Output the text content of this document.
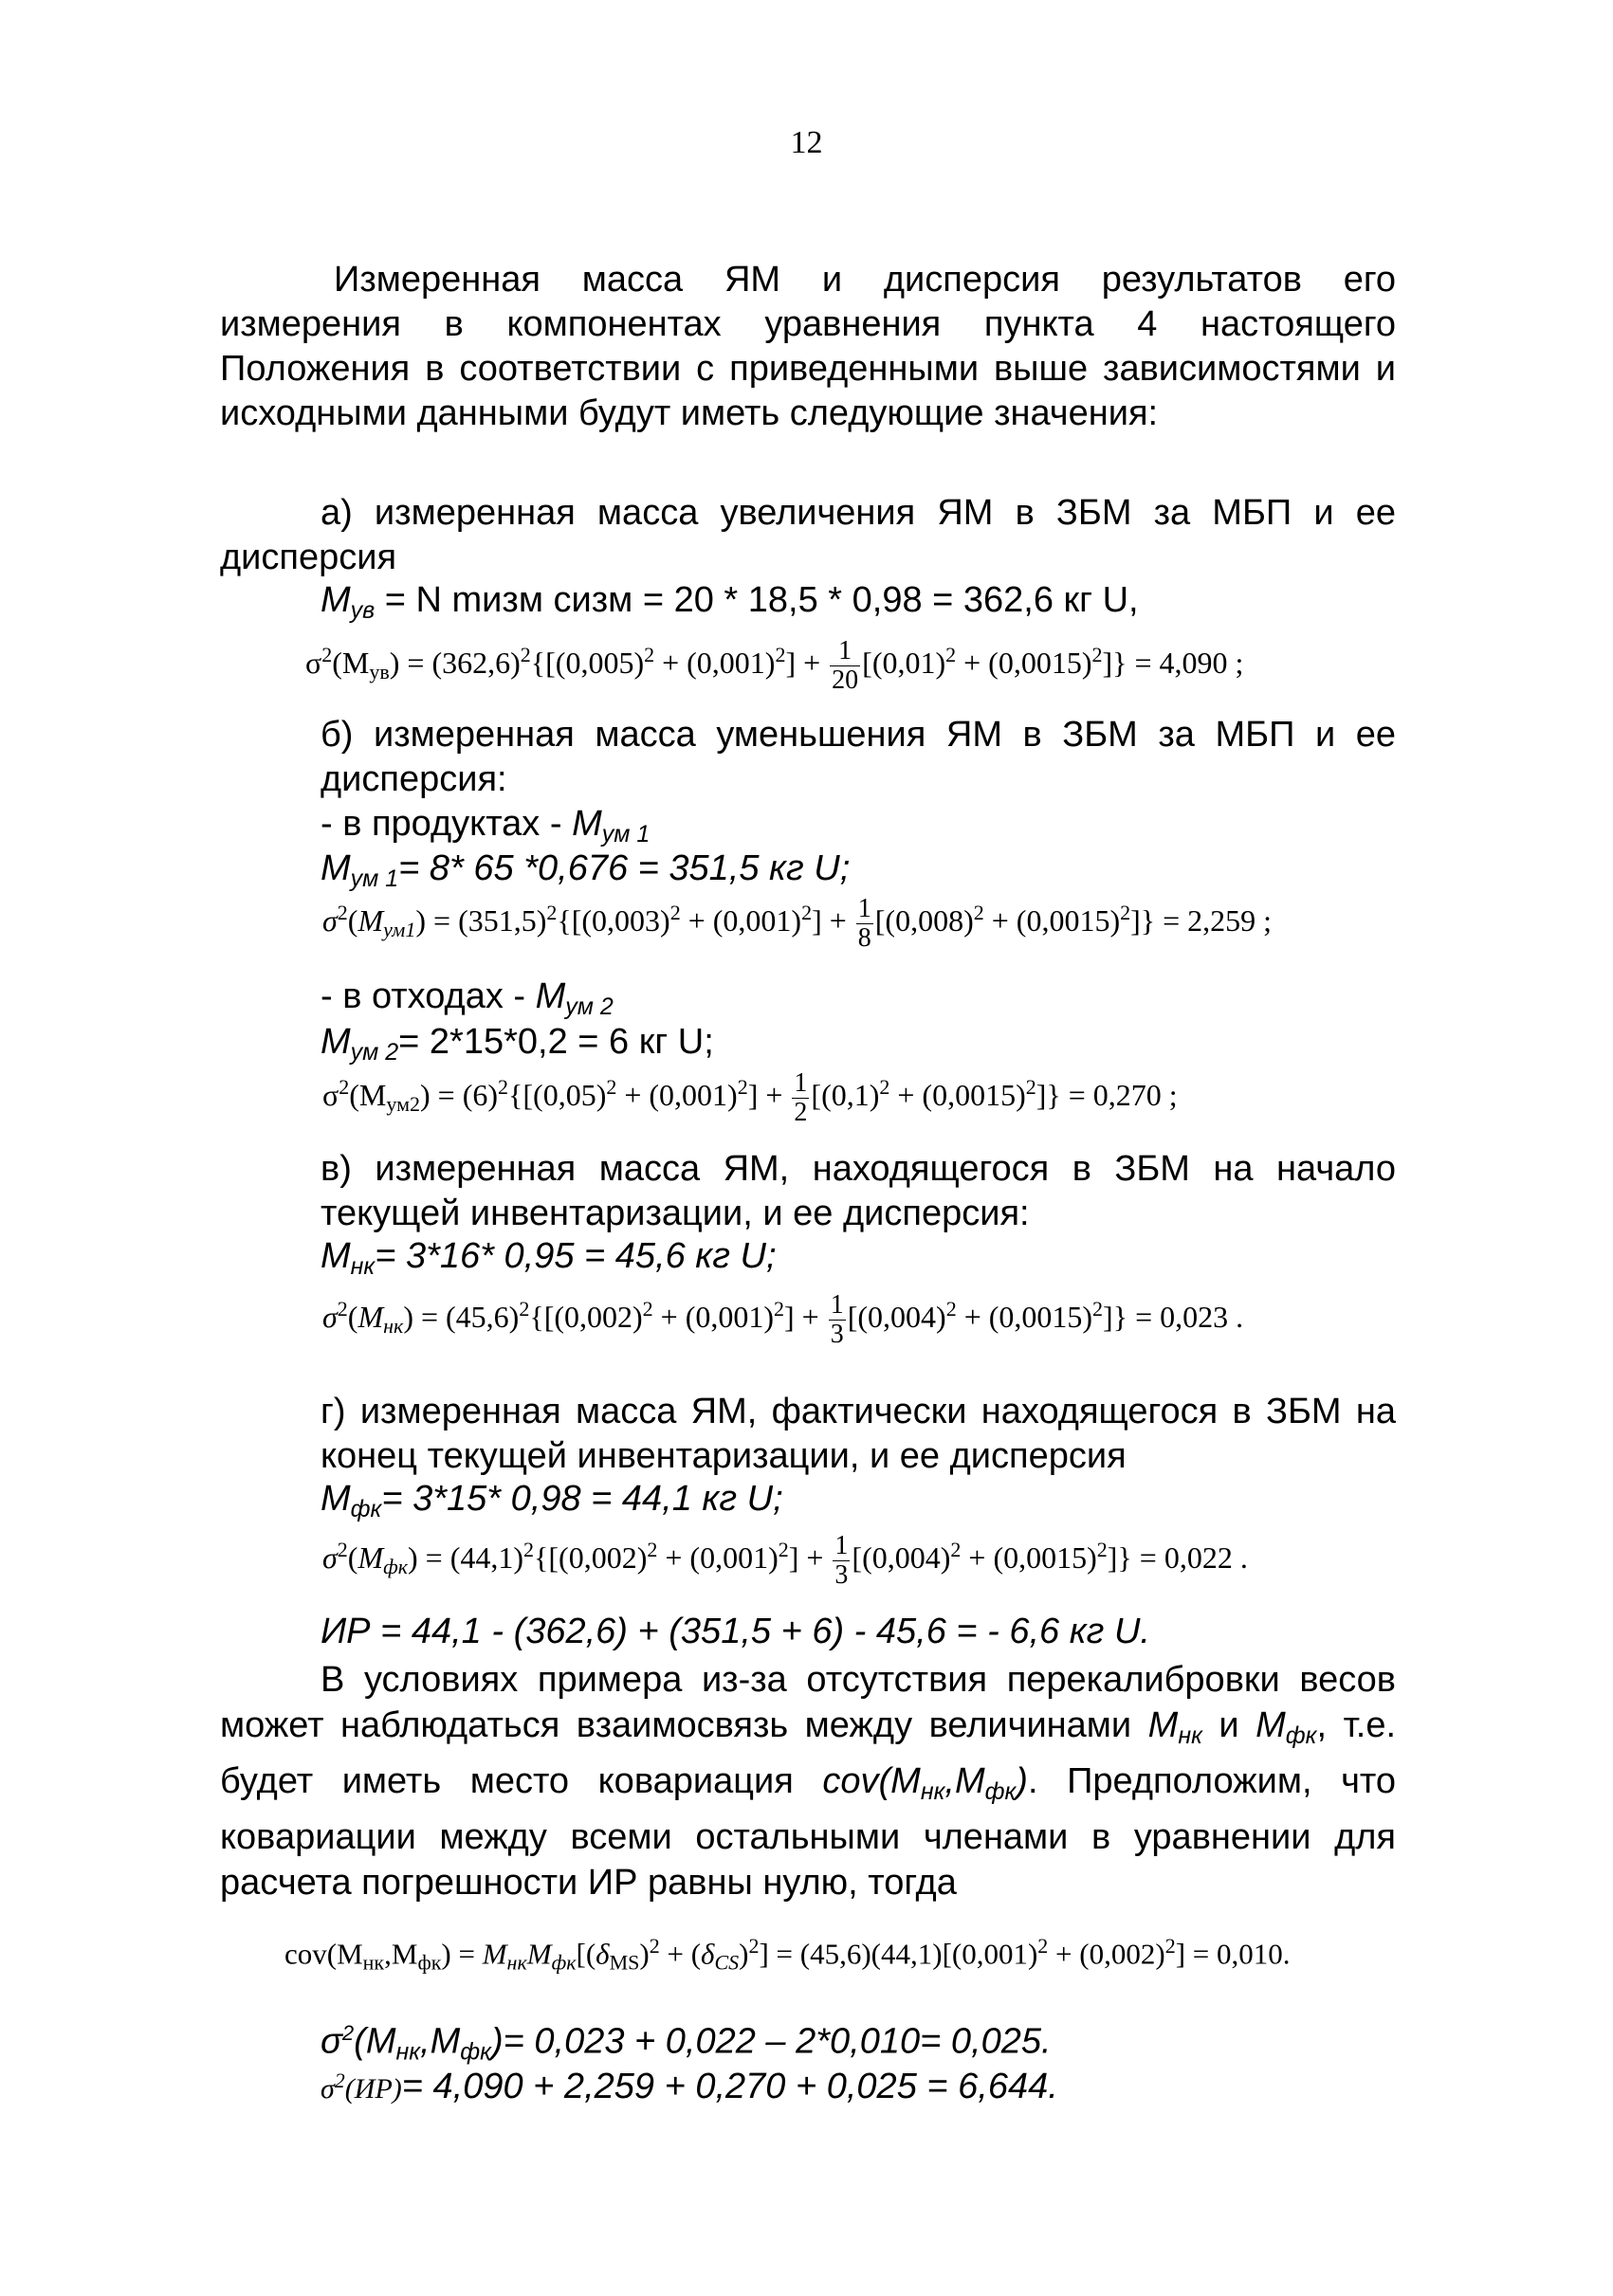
12
Измеренная масса ЯМ и дисперсия результатов его измерения в компонентах уравнения пункта 4 настоящего Положения в соответствии с приведенными выше зависимостями и исходными данными будут иметь следующие значения:
а) измеренная масса увеличения ЯМ в ЗБМ за МБП и ее дисперсия
$M_{ув} = N$ mизм cизм = 20 * 18,5 * 0,98 = 362,6 кг U,
$\sigma^2(Mув) = (362,6)^2\{[(0,005)^2 + (0,001)^2] + \frac{1}{20} [(0,01)^2 + (0,0015)^2]\} = 4,090$ ;
б) измеренная масса уменьшения ЯМ в ЗБМ за МБП и ее дисперсия:
- в продуктах - $M_{ум 1}$
$M_{ум 1}= 8*$ 65 *0,676 = 351,5 кг U;
$\sigma^2(Mум1) = (351,5)^2\{[(0,003)^2 + (0,001)^2] + \frac{1}{8} [(0,008)^2 + (0,0015)^2]\} = 2,259$ ;
- в отходах - $M_{ум 2}$
$M_{ум 2}= 2*15*0,2 = 6$ кг U;
$\sigma^2(Mум2) = (6)^2\{[(0,05)^2 + (0,001)^2] + \frac{1}{2} [(0,1)^2 + (0,0015)^2]\} = 0,270$ ;
в) измеренная масса ЯМ, находящегося в ЗБМ на начало текущей инвентаризации, и ее дисперсия:
$M_{нк}= 3*16*$ 0,95 = 45,6 кг U;
$\sigma^2(Mнк) = (45,6)^2\{[(0,002)^2 + (0,001)^2] + \frac{1}{3} [(0,004)^2 + (0,0015)^2]\} = 0,023$ .
г) измеренная масса ЯМ, фактически находящегося в ЗБМ на конец текущей инвентаризации, и ее дисперсия
$M_{фк}= 3*15*$ 0,98 = 44,1 кг U;
$\sigma^2(Mфк) = (44,1)^2\{[(0,002)^2 + (0,001)^2] + \frac{1}{3} [(0,004)^2 + (0,0015)^2]\} = 0,022$ .
ИР = 44,1 - (362,6) + (351,5 + 6) - 45,6 = - 6,6 кг U.
В условиях примера из-за отсутствия перекалибровки весов может наблюдаться взаимосвязь между величинами $M_{нк}$ и $M_{фк}$, т.е. будет иметь место ковариация $cov(M_{нк},M_{фк})$. Предположим, что ковариации между всеми остальными членами в уравнении для расчета погрешности ИР равны нулю, тогда
$cov(Mнк,Mфк) = MнкMфк[(\delta MS)^2 + (\delta CS)^2] = (45,6)(44,1)[(0,001)^2 + (0,002)^2] = 0,010$.
$\sigma^2(M_{нк},M_{фк})= 0,023 + 0,022 - 2*0,010= 0,025$.
$\sigma^2(ИР)= 4,090 + 2,259 + 0,270 + 0,025 = 6,644$.
